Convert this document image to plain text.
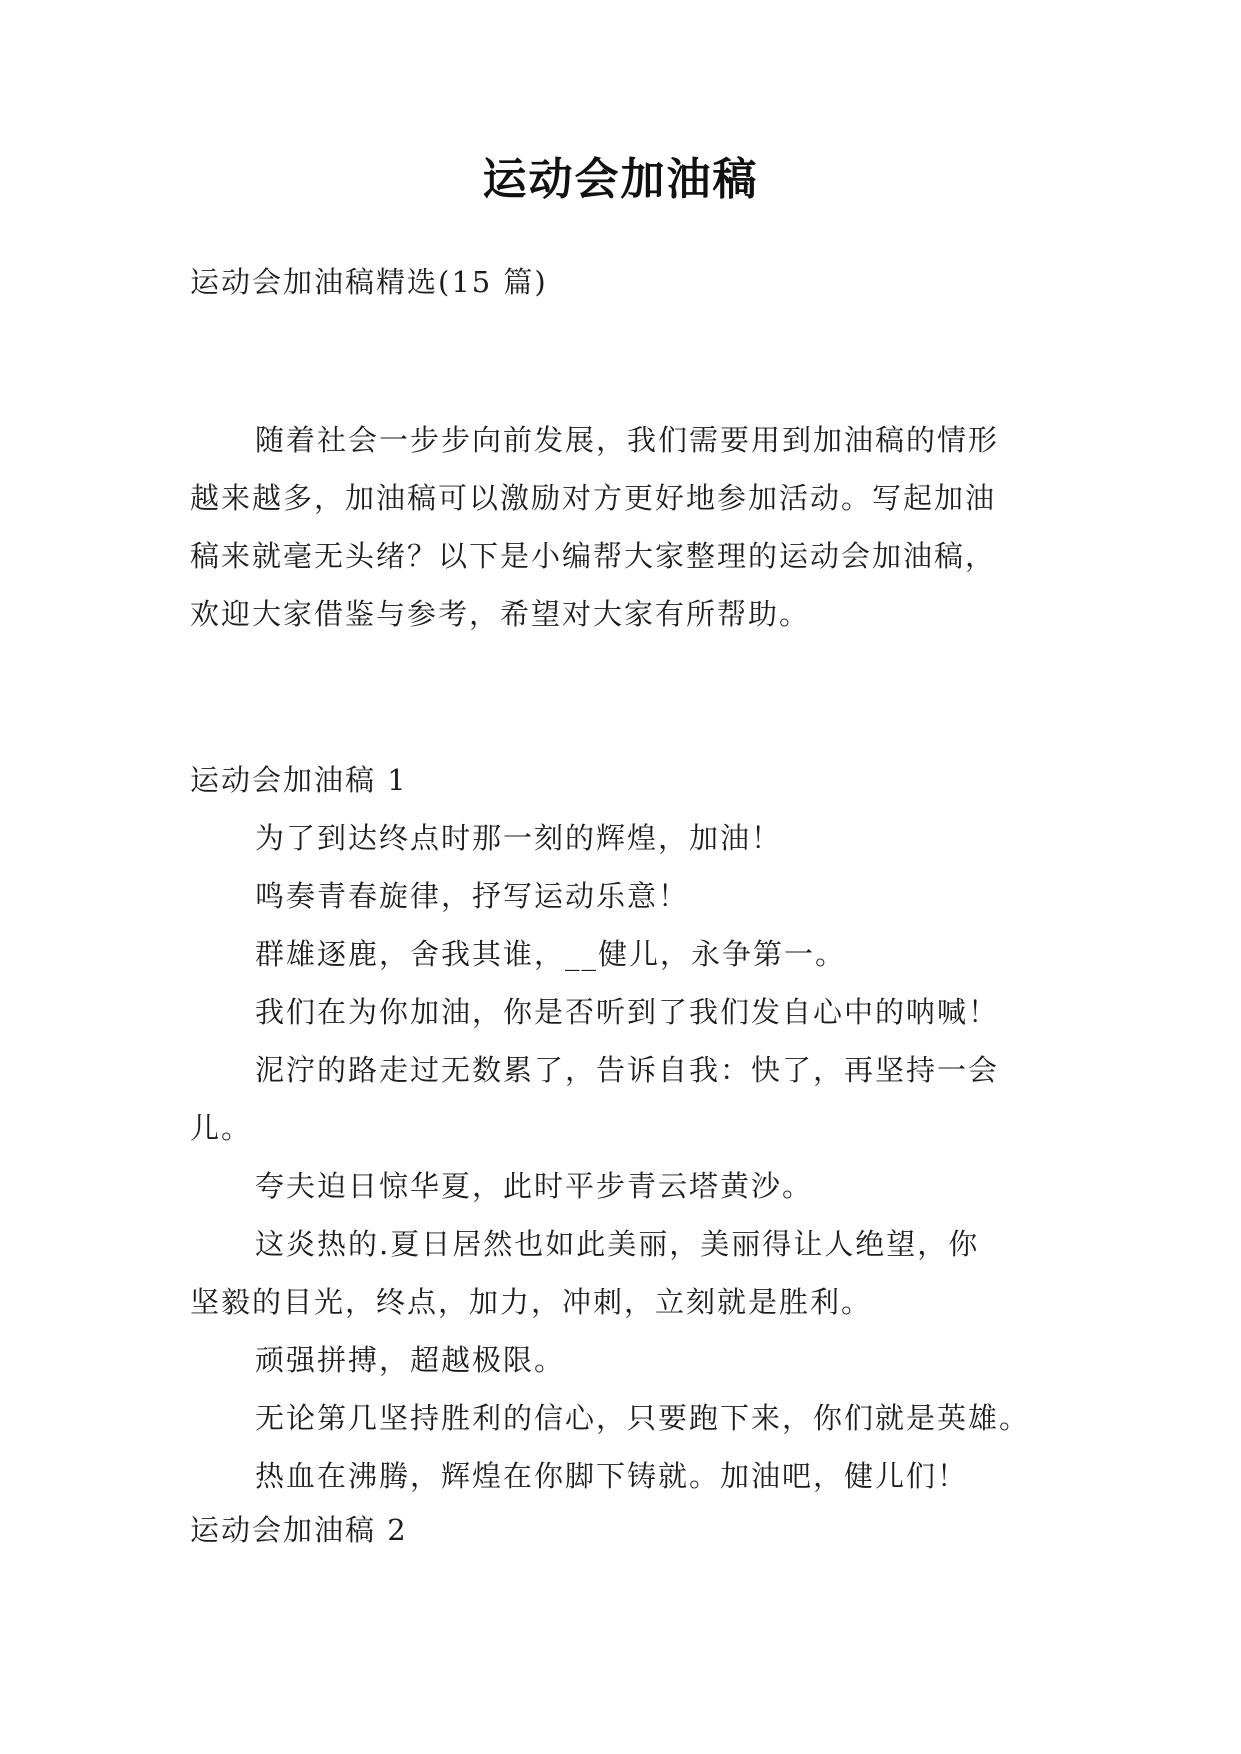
运动会加油稿
运动会加油稿精选(15 篇)
随着社会一步步向前发展，我们需要用到加油稿的情形
越来越多，加油稿可以激励对方更好地参加活动。写起加油
稿来就毫无头绪？以下是小编帮大家整理的运动会加油稿，
欢迎大家借鉴与参考，希望对大家有所帮助。
运动会加油稿 1
为了到达终点时那一刻的辉煌，加油！
鸣奏青春旋律，抒写运动乐意！
群雄逐鹿，舍我其谁，__健儿，永争第一。
我们在为你加油，你是否听到了我们发自心中的呐喊！
泥泞的路走过无数累了，告诉自我：快了，再坚持一会
儿。
夸夫迫日惊华夏，此时平步青云塔黄沙。
这炎热的.夏日居然也如此美丽，美丽得让人绝望，你
坚毅的目光，终点，加力，冲刺，立刻就是胜利。
顽强拼搏，超越极限。
无论第几坚持胜利的信心，只要跑下来，你们就是英雄。
热血在沸腾，辉煌在你脚下铸就。加油吧，健儿们！
运动会加油稿 2
